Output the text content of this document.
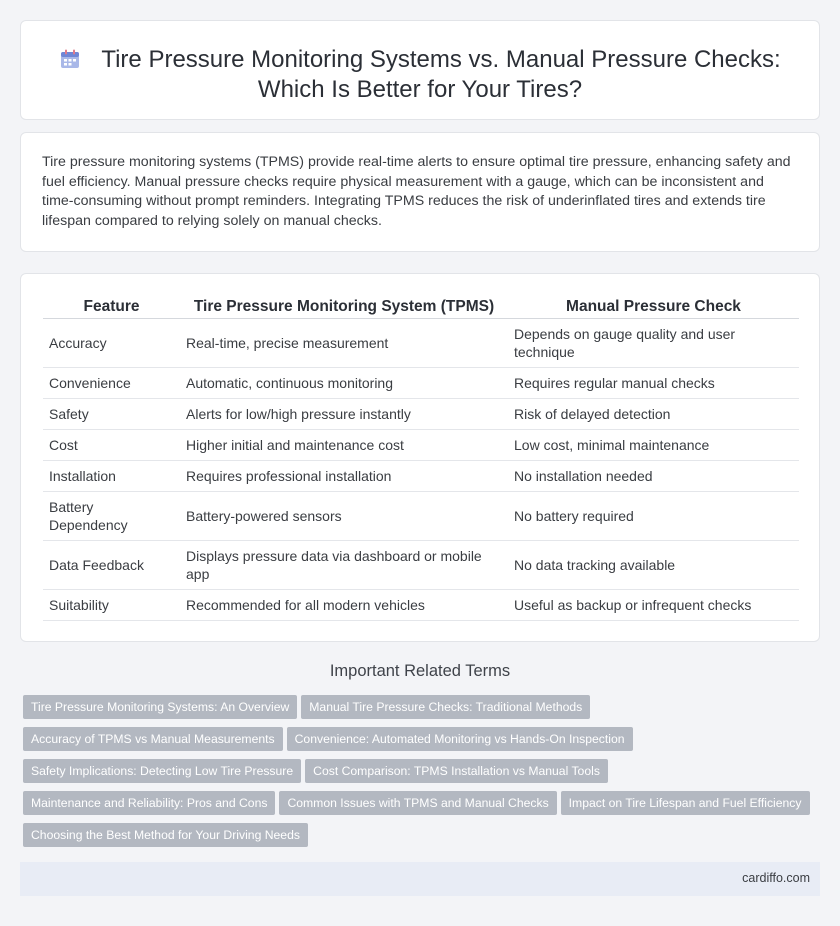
Tire Pressure Monitoring Systems vs. Manual Pressure Checks:
Which Is Better for Your Tires?

Tire pressure monitoring systems (TPMS) provide real-time alerts to ensure optimal tire pressure, enhancing safety and fuel efficiency. Manual pressure checks require physical measurement with a gauge, which can be inconsistent and time-consuming without prompt reminders. Integrating TPMS reduces the risk of underinflated tires and extends tire lifespan compared to relying solely on manual checks.

Feature	Tire Pressure Monitoring System (TPMS)	Manual Pressure Check
Accuracy	Real-time, precise measurement	Depends on gauge quality and user technique
Convenience	Automatic, continuous monitoring	Requires regular manual checks
Safety	Alerts for low/high pressure instantly	Risk of delayed detection
Cost	Higher initial and maintenance cost	Low cost, minimal maintenance
Installation	Requires professional installation	No installation needed
Battery Dependency	Battery-powered sensors	No battery required
Data Feedback	Displays pressure data via dashboard or mobile app	No data tracking available
Suitability	Recommended for all modern vehicles	Useful as backup or infrequent checks
Important Related Terms
Tire Pressure Monitoring Systems: An Overview Manual Tire Pressure Checks: Traditional Methods
Accuracy of TPMS vs Manual Measurements Convenience: Automated Monitoring vs Hands-On Inspection
Safety Implications: Detecting Low Tire Pressure Cost Comparison: TPMS Installation vs Manual Tools
Maintenance and Reliability: Pros and Cons Common Issues with TPMS and Manual Checks Impact on Tire Lifespan and Fuel Efficiency
Choosing the Best Method for Your Driving Needs
cardiffo.com
